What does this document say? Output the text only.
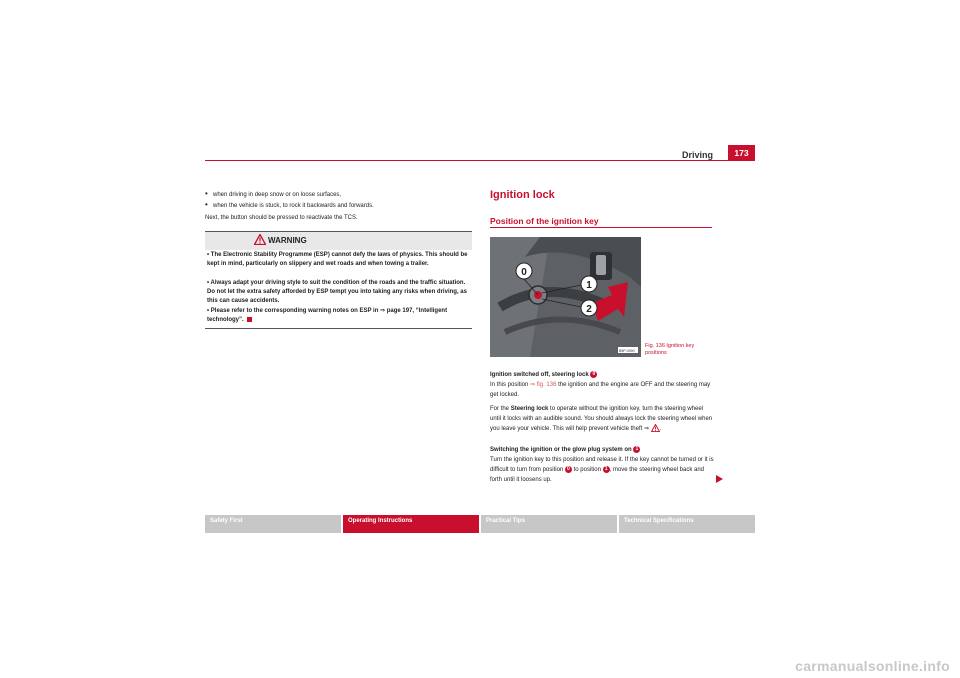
Driving	173
• when driving in deep snow or on loose surfaces,
• when the vehicle is stuck, to rock it backwards and forwards.
Next, the button should be pressed to reactivate the TCS.
WARNING
• The Electronic Stability Programme (ESP) cannot defy the laws of physics. This should be kept in mind, particularly on slippery and wet roads and when towing a trailer.
• Always adapt your driving style to suit the condition of the roads and the traffic situation. Do not let the extra safety afforded by ESP tempt you into taking any risks when driving, as this can cause accidents.
• Please refer to the corresponding warning notes on ESP in ⇒ page 197, “Intelligent technology”.
Ignition lock
Position of the ignition key
0
1
2
B5P-0090
Fig. 136 Ignition key
positions
Ignition switched off, steering lock 0
In this position ⇒ fig. 136 the ignition and the engine are OFF and the steering may get locked.
For the Steering lock to operate without the ignition key, turn the steering wheel until it locks with an audible sound. You should always lock the steering wheel when you leave your vehicle. This will help prevent vehicle theft ⇒ .
Switching the ignition or the glow plug system on 1
Turn the ignition key to this position and release it. If the key cannot be turned or it is difficult to turn from position 0 to position 1 , move the steering wheel back and forth until it loosens up.
Safety First	Operating Instructions	Practical Tips	Technical Specifications
carmanualsonline.info
